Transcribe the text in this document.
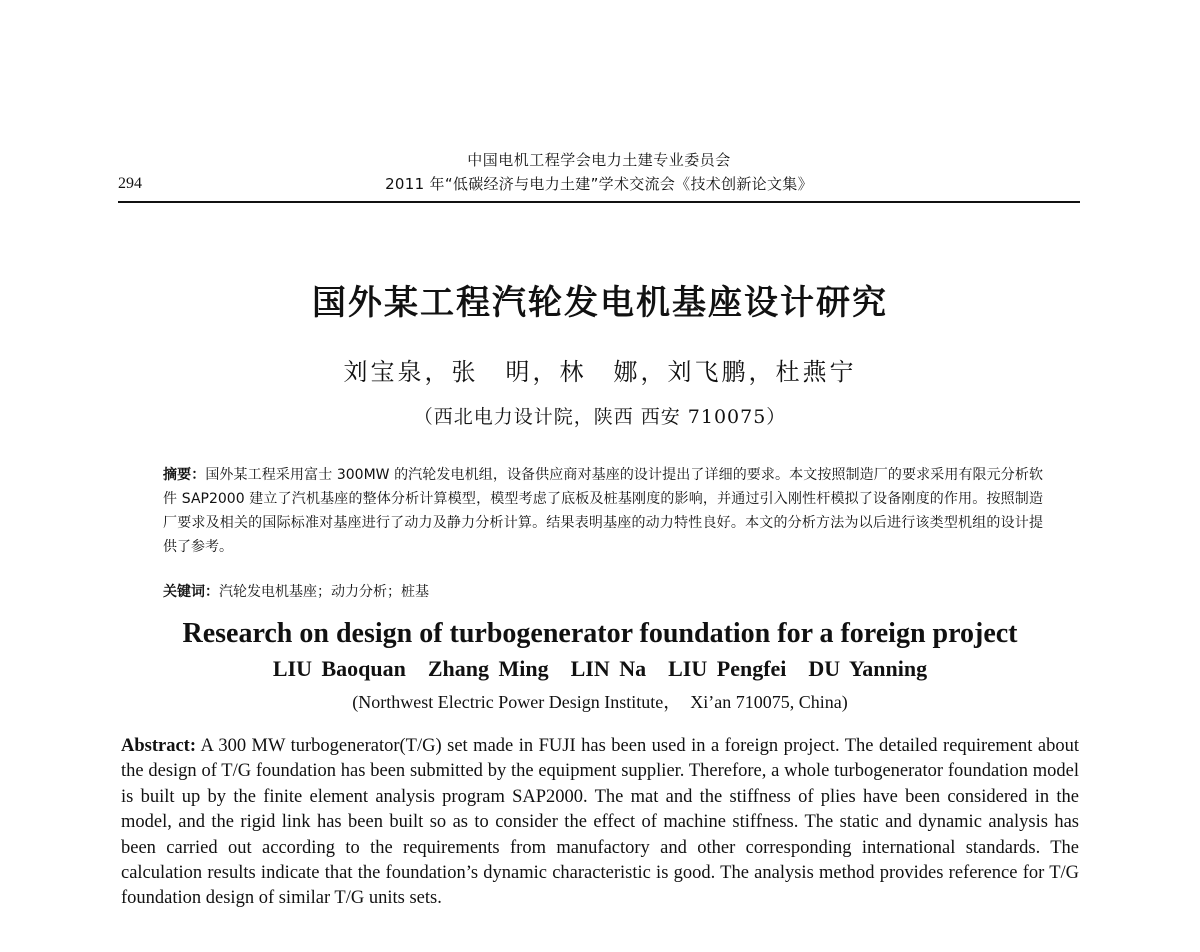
中国电机工程学会电力土建专业委员会
2011 年“低碳经济与电力土建”学术交流会《技术创新论文集》
294
国外某工程汽轮发电机基座设计研究
刘宝泉，张　明，林　娜，刘飞鹏，杜燕宁
（西北电力设计院，陕西 西安 710075）
摘要：国外某工程采用富士 300MW 的汽轮发电机组，设备供应商对基座的设计提出了详细的要求。本文按照制造厂的要求采用有限元分析软件 SAP2000 建立了汽机基座的整体分析计算模型，模型考虑了底板及桩基刚度的影响，并通过引入刚性杆模拟了设备刚度的作用。按照制造厂要求及相关的国际标准对基座进行了动力及静力分析计算。结果表明基座的动力特性良好。本文的分析方法为以后进行该类型机组的设计提供了参考。
关键词：汽轮发电机基座；动力分析；桩基
Research on design of turbogenerator foundation for a foreign project
LIU Baoquan　Zhang Ming　LIN Na　LIU Pengfei　DU Yanning
(Northwest Electric Power Design Institute，　Xi’an 710075, China)
Abstract: A 300 MW turbogenerator(T/G) set made in FUJI has been used in a foreign project. The detailed requirement about the design of T/G foundation has been submitted by the equipment supplier. Therefore, a whole turbogenerator foundation model is built up by the finite element analysis program SAP2000. The mat and the stiffness of plies have been considered in the model, and the rigid link has been built so as to consider the effect of machine stiffness. The static and dynamic analysis has been carried out according to the requirements from manufactory and other corresponding international standards. The calculation results indicate that the foundation’s dynamic characteristic is good. The analysis method provides reference for T/G foundation design of similar T/G units sets.
